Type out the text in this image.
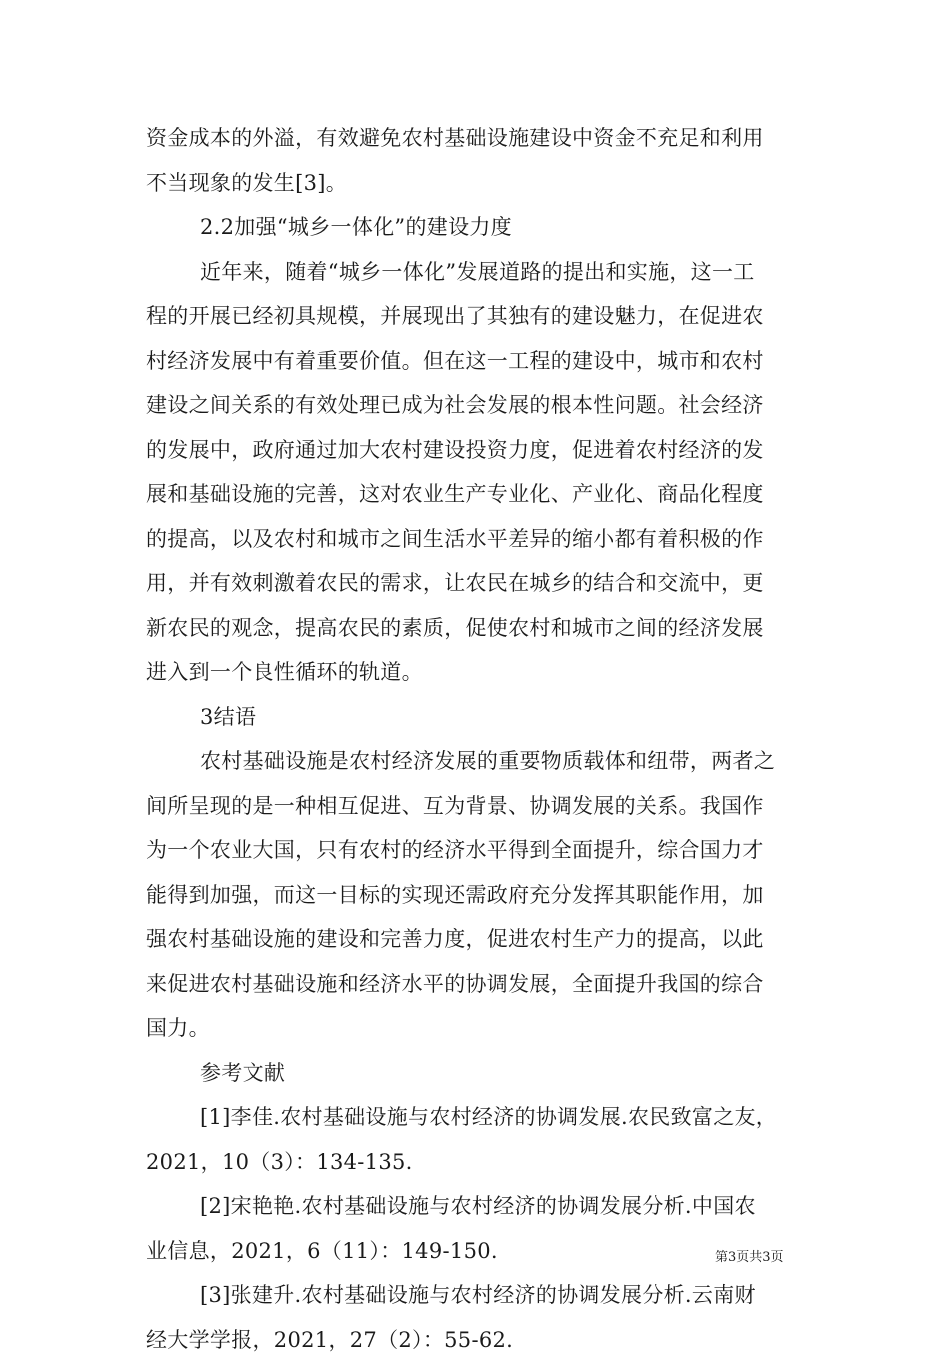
资金成本的外溢，有效避免农村基础设施建设中资金不充足和利用
不当现象的发生[3]。
2.2加强“城乡一体化”的建设力度
近年来，随着“城乡一体化”发展道路的提出和实施，这一工
程的开展已经初具规模，并展现出了其独有的建设魅力，在促进农
村经济发展中有着重要价值。但在这一工程的建设中，城市和农村
建设之间关系的有效处理已成为社会发展的根本性问题。社会经济
的发展中，政府通过加大农村建设投资力度，促进着农村经济的发
展和基础设施的完善，这对农业生产专业化、产业化、商品化程度
的提高，以及农村和城市之间生活水平差异的缩小都有着积极的作
用，并有效刺激着农民的需求，让农民在城乡的结合和交流中，更
新农民的观念，提高农民的素质，促使农村和城市之间的经济发展
进入到一个良性循环的轨道。
3结语
农村基础设施是农村经济发展的重要物质载体和纽带，两者之
间所呈现的是一种相互促进、互为背景、协调发展的关系。我国作
为一个农业大国，只有农村的经济水平得到全面提升，综合国力才
能得到加强，而这一目标的实现还需政府充分发挥其职能作用，加
强农村基础设施的建设和完善力度，促进农村生产力的提高，以此
来促进农村基础设施和经济水平的协调发展，全面提升我国的综合
国力。
参考文献
[1]李佳.农村基础设施与农村经济的协调发展.农民致富之友，
2021，10（3）：134-135.
[2]宋艳艳.农村基础设施与农村经济的协调发展分析.中国农
业信息，2021，6（11）：149-150.
[3]张建升.农村基础设施与农村经济的协调发展分析.云南财
经大学学报，2021，27（2）：55-62.
第3页共3页
